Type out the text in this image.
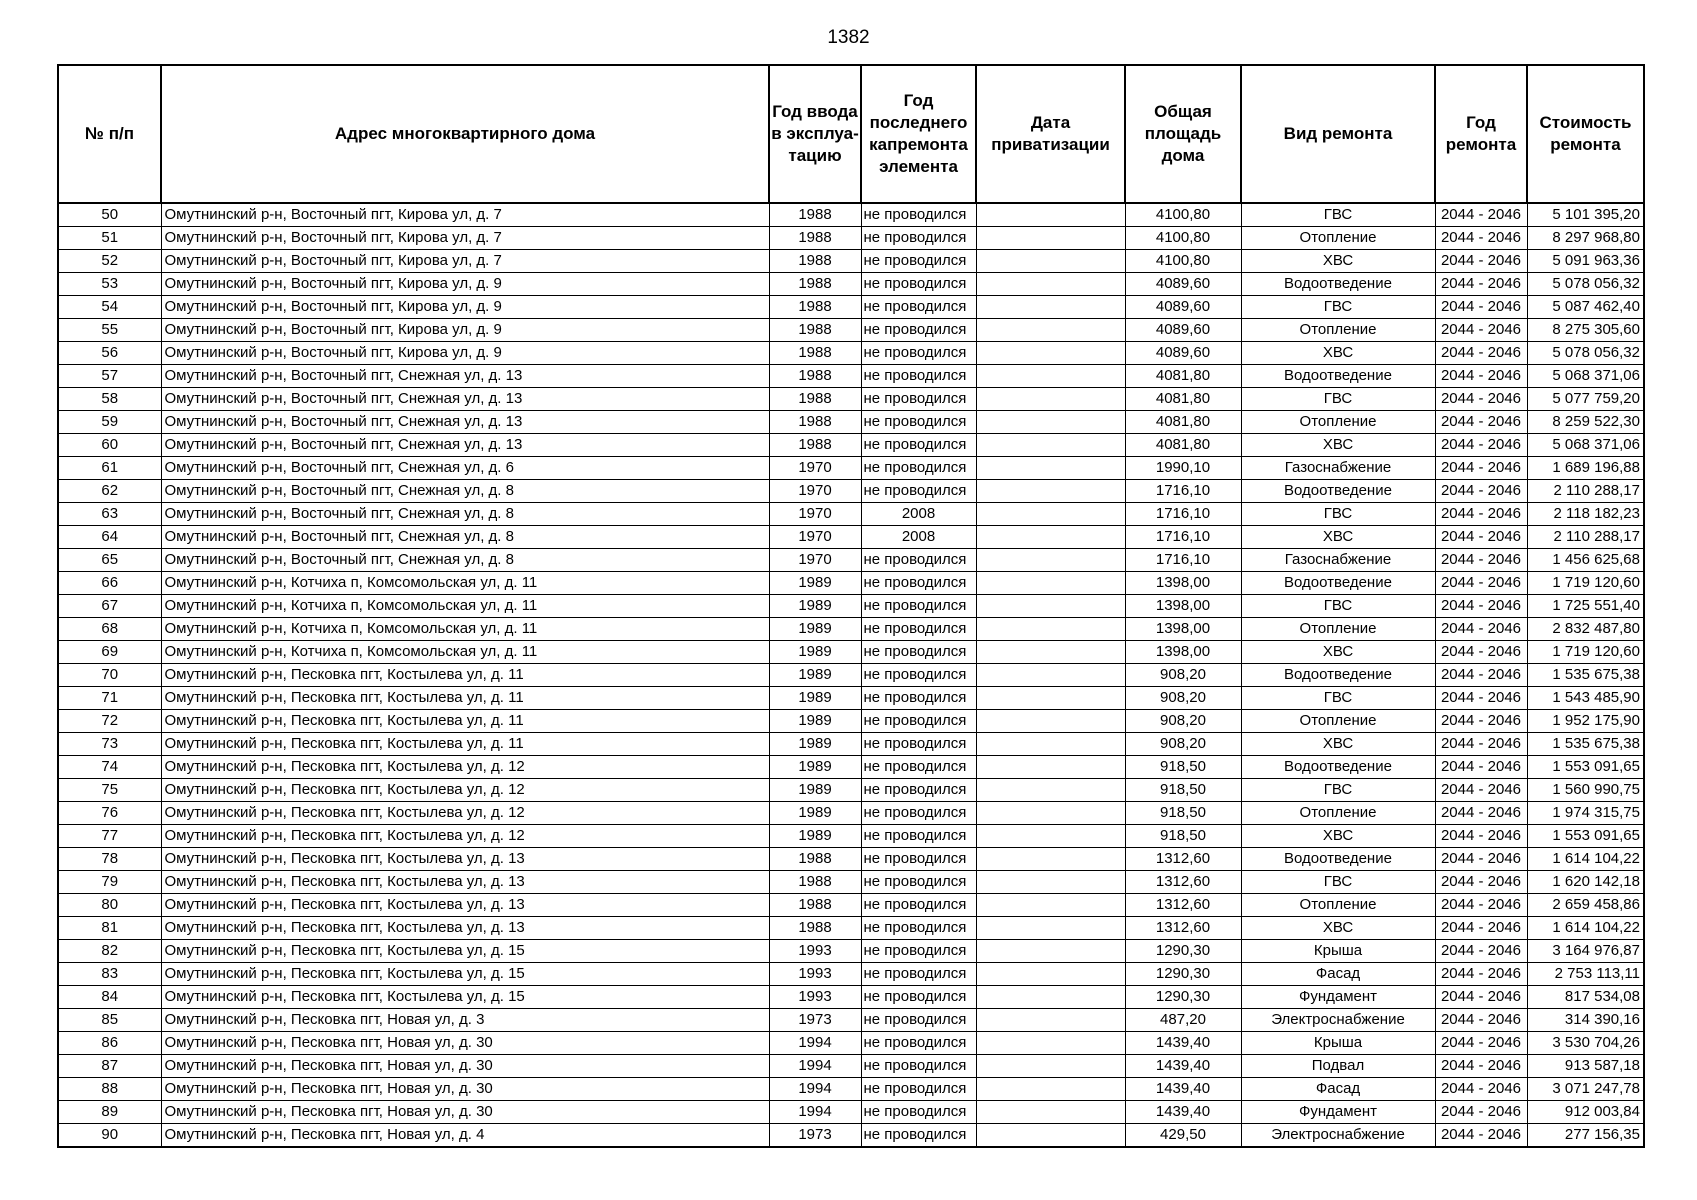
1382
№ п/п	Адрес многоквартирного дома	Год ввода в эксплуа-тацию	Год последнего капремонта элемента	Дата приватизации	Общая площадь дома	Вид ремонта	Год ремонта	Стоимость ремонта
50	Омутнинский р-н, Восточный пгт, Кирова ул, д. 7	1988	не проводился		4100,80	ГВС	2044 - 2046	5 101 395,20
51	Омутнинский р-н, Восточный пгт, Кирова ул, д. 7	1988	не проводился		4100,80	Отопление	2044 - 2046	8 297 968,80
52	Омутнинский р-н, Восточный пгт, Кирова ул, д. 7	1988	не проводился		4100,80	ХВС	2044 - 2046	5 091 963,36
53	Омутнинский р-н, Восточный пгт, Кирова ул, д. 9	1988	не проводился		4089,60	Водоотведение	2044 - 2046	5 078 056,32
54	Омутнинский р-н, Восточный пгт, Кирова ул, д. 9	1988	не проводился		4089,60	ГВС	2044 - 2046	5 087 462,40
55	Омутнинский р-н, Восточный пгт, Кирова ул, д. 9	1988	не проводился		4089,60	Отопление	2044 - 2046	8 275 305,60
56	Омутнинский р-н, Восточный пгт, Кирова ул, д. 9	1988	не проводился		4089,60	ХВС	2044 - 2046	5 078 056,32
57	Омутнинский р-н, Восточный пгт, Снежная ул, д. 13	1988	не проводился		4081,80	Водоотведение	2044 - 2046	5 068 371,06
58	Омутнинский р-н, Восточный пгт, Снежная ул, д. 13	1988	не проводился		4081,80	ГВС	2044 - 2046	5 077 759,20
59	Омутнинский р-н, Восточный пгт, Снежная ул, д. 13	1988	не проводился		4081,80	Отопление	2044 - 2046	8 259 522,30
60	Омутнинский р-н, Восточный пгт, Снежная ул, д. 13	1988	не проводился		4081,80	ХВС	2044 - 2046	5 068 371,06
61	Омутнинский р-н, Восточный пгт, Снежная ул, д. 6	1970	не проводился		1990,10	Газоснабжение	2044 - 2046	1 689 196,88
62	Омутнинский р-н, Восточный пгт, Снежная ул, д. 8	1970	не проводился		1716,10	Водоотведение	2044 - 2046	2 110 288,17
63	Омутнинский р-н, Восточный пгт, Снежная ул, д. 8	1970	2008		1716,10	ГВС	2044 - 2046	2 118 182,23
64	Омутнинский р-н, Восточный пгт, Снежная ул, д. 8	1970	2008		1716,10	ХВС	2044 - 2046	2 110 288,17
65	Омутнинский р-н, Восточный пгт, Снежная ул, д. 8	1970	не проводился		1716,10	Газоснабжение	2044 - 2046	1 456 625,68
66	Омутнинский р-н, Котчиха п, Комсомольская ул, д. 11	1989	не проводился		1398,00	Водоотведение	2044 - 2046	1 719 120,60
67	Омутнинский р-н, Котчиха п, Комсомольская ул, д. 11	1989	не проводился		1398,00	ГВС	2044 - 2046	1 725 551,40
68	Омутнинский р-н, Котчиха п, Комсомольская ул, д. 11	1989	не проводился		1398,00	Отопление	2044 - 2046	2 832 487,80
69	Омутнинский р-н, Котчиха п, Комсомольская ул, д. 11	1989	не проводился		1398,00	ХВС	2044 - 2046	1 719 120,60
70	Омутнинский р-н, Песковка пгт, Костылева ул, д. 11	1989	не проводился		908,20	Водоотведение	2044 - 2046	1 535 675,38
71	Омутнинский р-н, Песковка пгт, Костылева ул, д. 11	1989	не проводился		908,20	ГВС	2044 - 2046	1 543 485,90
72	Омутнинский р-н, Песковка пгт, Костылева ул, д. 11	1989	не проводился		908,20	Отопление	2044 - 2046	1 952 175,90
73	Омутнинский р-н, Песковка пгт, Костылева ул, д. 11	1989	не проводился		908,20	ХВС	2044 - 2046	1 535 675,38
74	Омутнинский р-н, Песковка пгт, Костылева ул, д. 12	1989	не проводился		918,50	Водоотведение	2044 - 2046	1 553 091,65
75	Омутнинский р-н, Песковка пгт, Костылева ул, д. 12	1989	не проводился		918,50	ГВС	2044 - 2046	1 560 990,75
76	Омутнинский р-н, Песковка пгт, Костылева ул, д. 12	1989	не проводился		918,50	Отопление	2044 - 2046	1 974 315,75
77	Омутнинский р-н, Песковка пгт, Костылева ул, д. 12	1989	не проводился		918,50	ХВС	2044 - 2046	1 553 091,65
78	Омутнинский р-н, Песковка пгт, Костылева ул, д. 13	1988	не проводился		1312,60	Водоотведение	2044 - 2046	1 614 104,22
79	Омутнинский р-н, Песковка пгт, Костылева ул, д. 13	1988	не проводился		1312,60	ГВС	2044 - 2046	1 620 142,18
80	Омутнинский р-н, Песковка пгт, Костылева ул, д. 13	1988	не проводился		1312,60	Отопление	2044 - 2046	2 659 458,86
81	Омутнинский р-н, Песковка пгт, Костылева ул, д. 13	1988	не проводился		1312,60	ХВС	2044 - 2046	1 614 104,22
82	Омутнинский р-н, Песковка пгт, Костылева ул, д. 15	1993	не проводился		1290,30	Крыша	2044 - 2046	3 164 976,87
83	Омутнинский р-н, Песковка пгт, Костылева ул, д. 15	1993	не проводился		1290,30	Фасад	2044 - 2046	2 753 113,11
84	Омутнинский р-н, Песковка пгт, Костылева ул, д. 15	1993	не проводился		1290,30	Фундамент	2044 - 2046	817 534,08
85	Омутнинский р-н, Песковка пгт, Новая ул, д. 3	1973	не проводился		487,20	Электроснабжение	2044 - 2046	314 390,16
86	Омутнинский р-н, Песковка пгт, Новая ул, д. 30	1994	не проводился		1439,40	Крыша	2044 - 2046	3 530 704,26
87	Омутнинский р-н, Песковка пгт, Новая ул, д. 30	1994	не проводился		1439,40	Подвал	2044 - 2046	913 587,18
88	Омутнинский р-н, Песковка пгт, Новая ул, д. 30	1994	не проводился		1439,40	Фасад	2044 - 2046	3 071 247,78
89	Омутнинский р-н, Песковка пгт, Новая ул, д. 30	1994	не проводился		1439,40	Фундамент	2044 - 2046	912 003,84
90	Омутнинский р-н, Песковка пгт, Новая ул, д. 4	1973	не проводился		429,50	Электроснабжение	2044 - 2046	277 156,35
